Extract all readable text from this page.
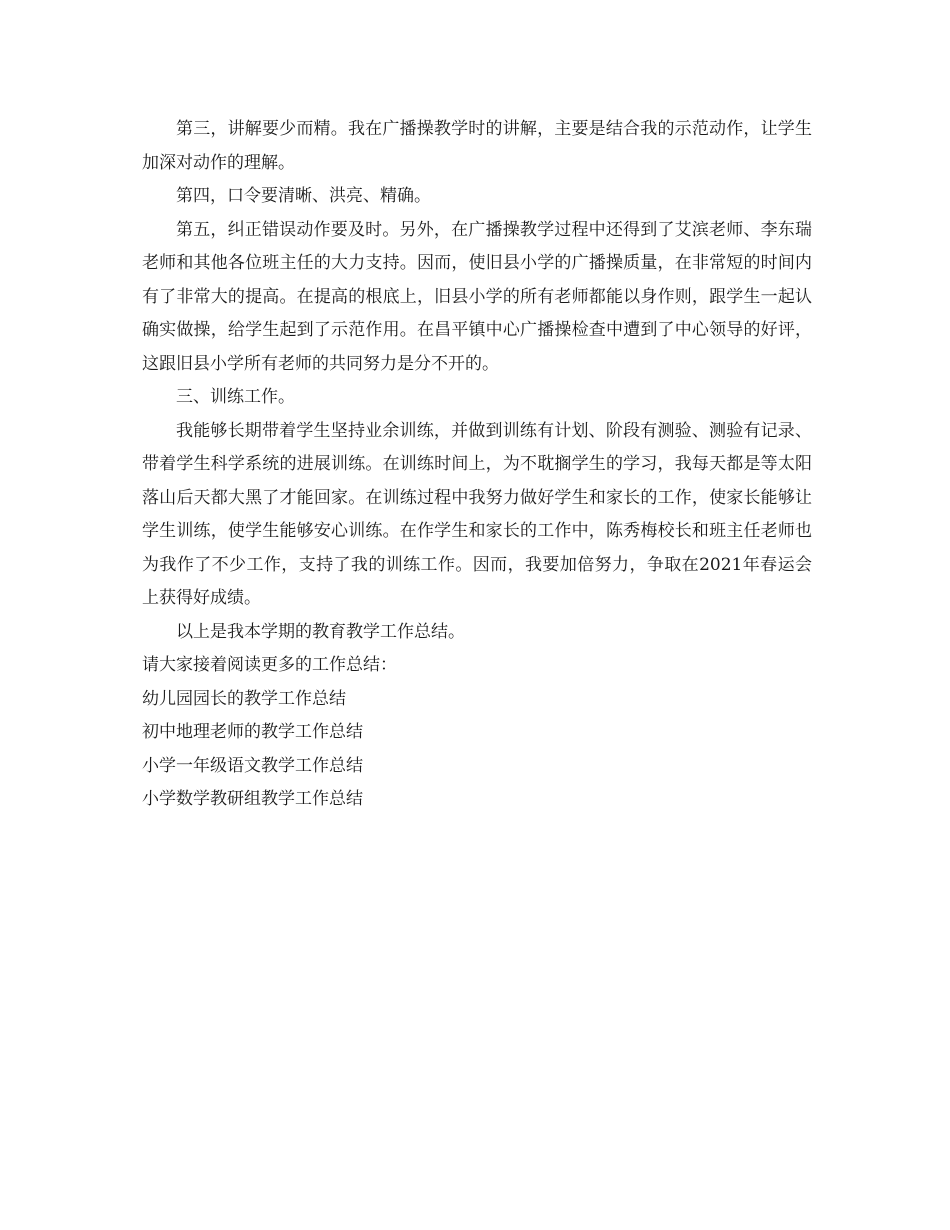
第三，讲解要少而精。我在广播操教学时的讲解，主要是结合我的示范动作，让学生加深对动作的理解。

第四，口令要清晰、洪亮、精确。

第五，纠正错误动作要及时。另外，在广播操教学过程中还得到了艾滨老师、李东瑞老师和其他各位班主任的大力支持。因而，使旧县小学的广播操质量，在非常短的时间内有了非常大的提高。在提高的根底上，旧县小学的所有老师都能以身作则，跟学生一起认确实做操，给学生起到了示范作用。在昌平镇中心广播操检查中遭到了中心领导的好评，这跟旧县小学所有老师的共同努力是分不开的。

三、训练工作。

我能够长期带着学生坚持业余训练，并做到训练有计划、阶段有测验、测验有记录、带着学生科学系统的进展训练。在训练时间上，为不耽搁学生的学习，我每天都是等太阳落山后天都大黑了才能回家。在训练过程中我努力做好学生和家长的工作，使家长能够让学生训练，使学生能够安心训练。在作学生和家长的工作中，陈秀梅校长和班主任老师也为我作了不少工作，支持了我的训练工作。因而，我要加倍努力，争取在2021年春运会上获得好成绩。

以上是我本学期的教育教学工作总结。

请大家接着阅读更多的工作总结：

幼儿园园长的教学工作总结
初中地理老师的教学工作总结
小学一年级语文教学工作总结
小学数学教研组教学工作总结
